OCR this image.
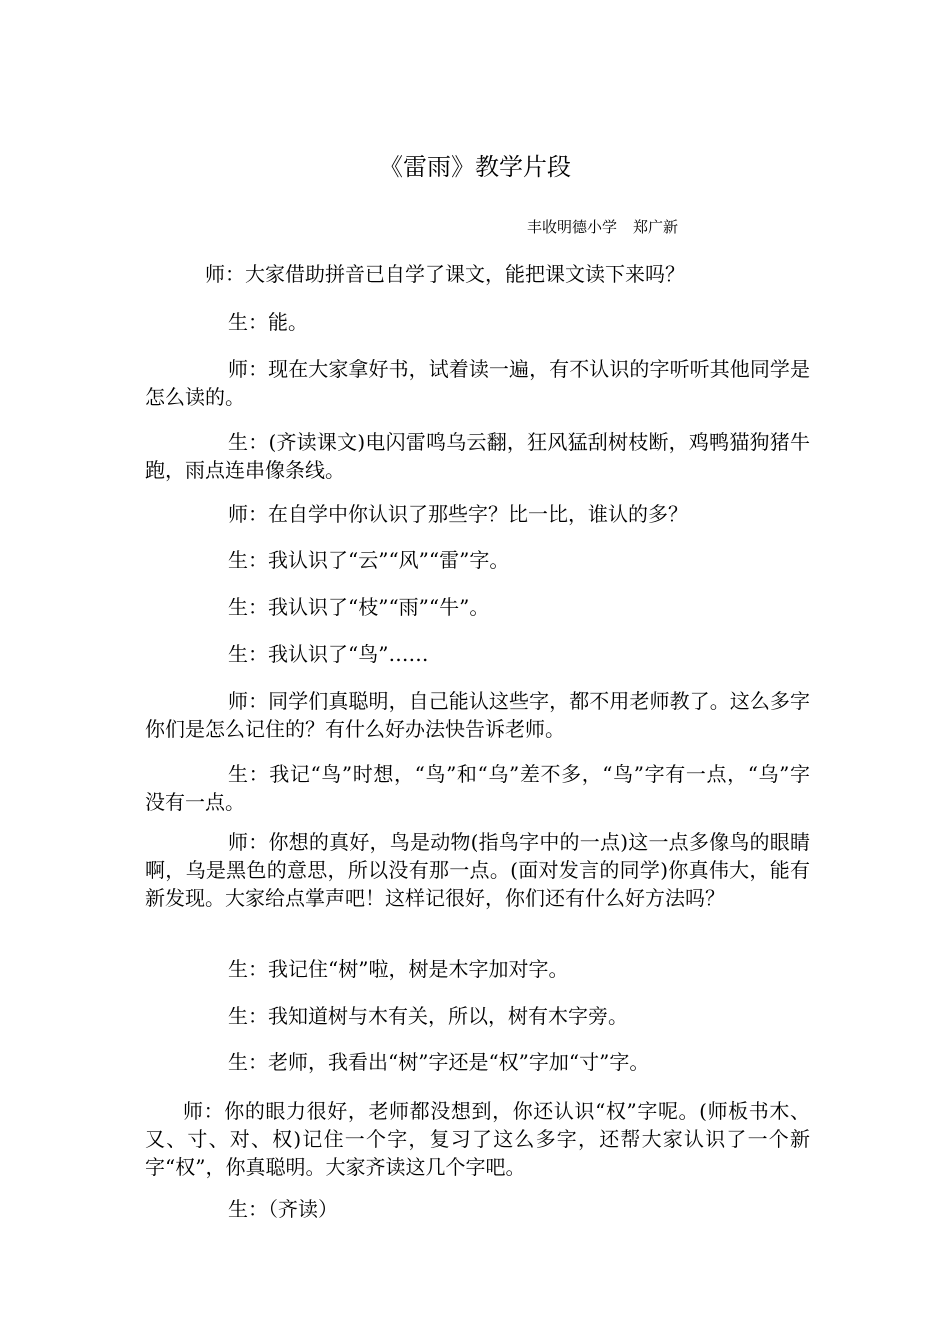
《雷雨》教学片段
丰收明德小学 郑广新

师：大家借助拼音已自学了课文，能把课文读下来吗？

生：能。

师：现在大家拿好书，试着读一遍，有不认识的字听听其他同学是怎么读的。

生：(齐读课文)电闪雷鸣乌云翻，狂风猛刮树枝断，鸡鸭猫狗猪牛跑，雨点连串像条线。

师：在自学中你认识了那些字？比一比，谁认的多？

生：我认识了“云”“风”“雷”字。

生：我认识了“枝”“雨”“牛”。

生：我认识了“鸟”……

师：同学们真聪明，自己能认这些字，都不用老师教了。这么多字你们是怎么记住的？有什么好办法快告诉老师。

生：我记“鸟”时想，“鸟”和“乌”差不多，“鸟”字有一点，“乌”字没有一点。

师：你想的真好，鸟是动物(指鸟字中的一点)这一点多像鸟的眼睛啊，乌是黑色的意思，所以没有那一点。(面对发言的同学)你真伟大，能有新发现。大家给点掌声吧！这样记很好，你们还有什么好方法吗？

生：我记住“树”啦，树是木字加对字。

生：我知道树与木有关，所以，树有木字旁。

生：老师，我看出“树”字还是“权”字加“寸”字。

师：你的眼力很好，老师都没想到，你还认识“权”字呢。(师板书木、又、寸、对、权)记住一个字，复习了这么多字，还帮大家认识了一个新字“权”，你真聪明。大家齐读这几个字吧。

生：（齐读）
